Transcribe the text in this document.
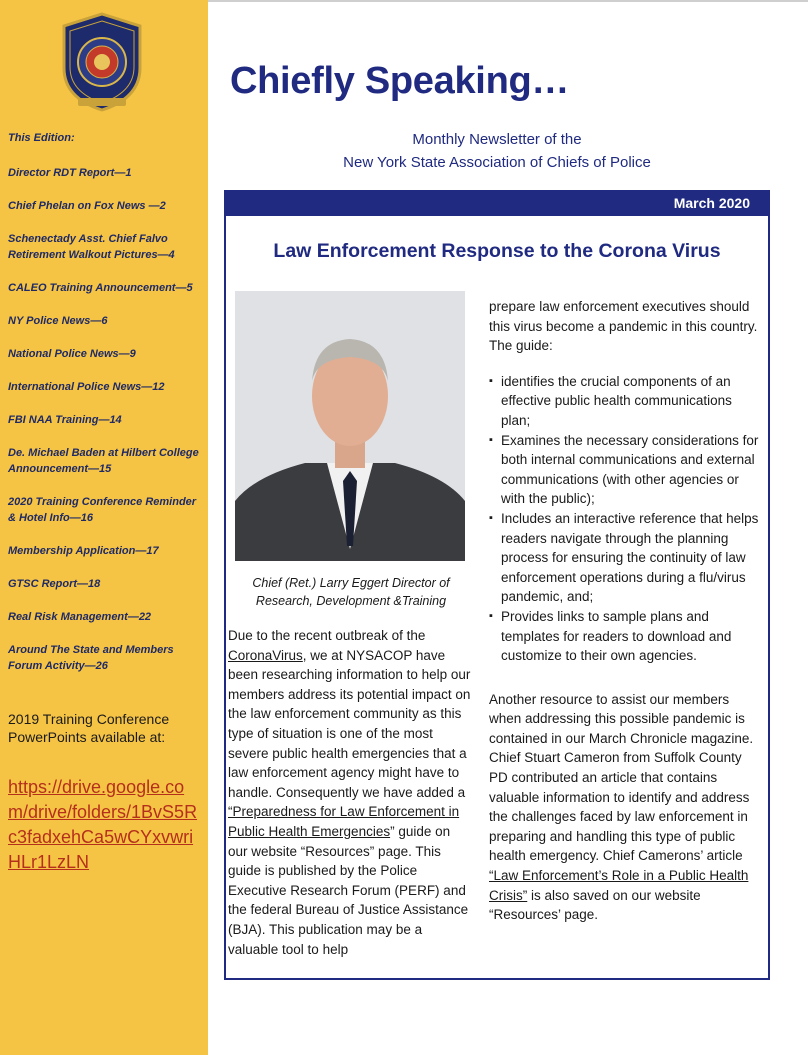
This Edition:
Director RDT Report—1
Chief Phelan on Fox News —2
Schenectady Asst. Chief Falvo Retirement Walkout Pictures—4
CALEO Training Announcement—5
NY Police News—6
National Police News—9
International Police News—12
FBI NAA Training—14
De. Michael Baden at Hilbert College Announcement—15
2020 Training Conference Reminder & Hotel Info—16
Membership Application—17
GTSC Report—18
Real Risk Management—22
Around The State and Members Forum Activity—26
2019 Training Conference PowerPoints available at:
https://drive.google.com/drive/folders/1BvS5Rc3fadxehCa5wCYxvwriHLr1LzLN
Chiefly Speaking…
Monthly Newsletter of the
New York State Association of Chiefs of Police
March 2020
Law Enforcement Response to the Corona Virus
Chief (Ret.) Larry Eggert Director of Research, Development &Training

Due to the recent outbreak of the CoronaVirus, we at NYSACOP have been researching information to help our members address its potential impact on the law enforcement community as this type of situation is one of the most severe public health emergencies that a law enforcement agency might have to handle. Consequently we have added a “Preparedness for Law Enforcement in Public Health Emergencies” guide on our website “Resources” page. This guide is published by the Police Executive Research Forum (PERF) and the federal Bureau of Justice Assistance (BJA). This publication may be a valuable tool to help

prepare law enforcement executives should this virus become a pandemic in this country. The guide:

▪ identifies the crucial components of an effective public health communications plan;
▪ Examines the necessary considerations for both internal communications and external communications (with other agencies or with the public);
▪ Includes an interactive reference that helps readers navigate through the planning process for ensuring the continuity of law enforcement operations during a flu/virus pandemic, and;
▪ Provides links to sample plans and templates for readers to download and customize to their own agencies.

Another resource to assist our members when addressing this possible pandemic is contained in our March Chronicle magazine. Chief Stuart Cameron from Suffolk County PD contributed an article that contains valuable information to identify and address the challenges faced by law enforcement in preparing and handling this type of public health emergency. Chief Camerons’ article “Law Enforcement’s Role in a Public Health Crisis” is also saved on our website “Resources’ page.
